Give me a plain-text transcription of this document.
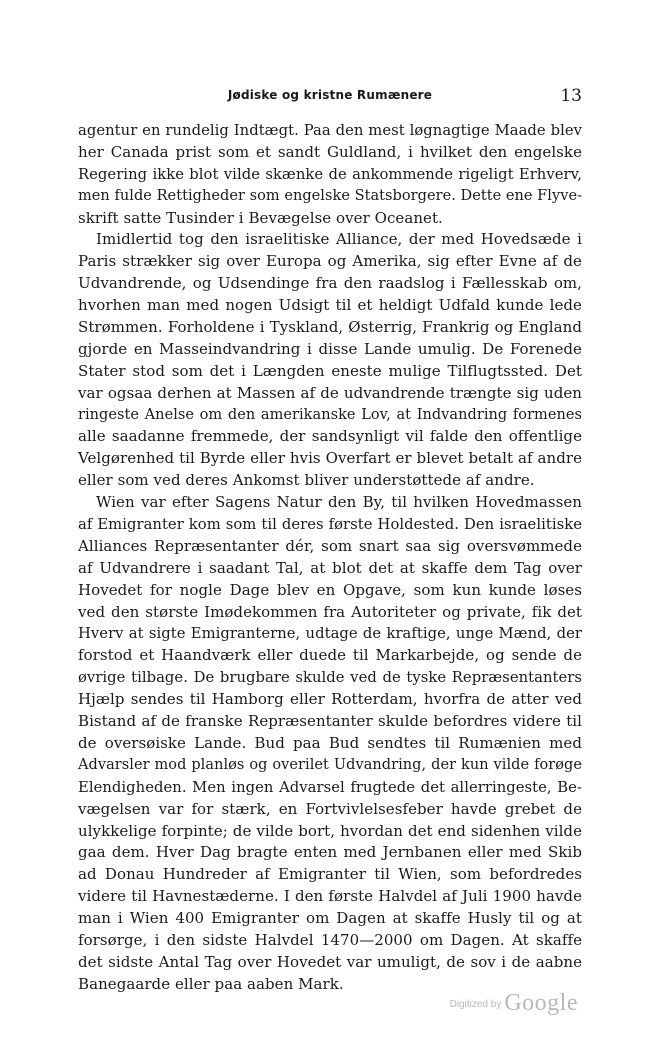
Jødiske og kristne Rumænere	13
agentur en rundelig Indtægt. Paa den mest løgnagtige Maade blev
her Canada prist som et sandt Guldland, i hvilket den engelske
Regering ikke blot vilde skænke de ankommende rigeligt Erhverv,
men fulde Rettigheder som engelske Statsborgere. Dette ene Flyve-
skrift satte Tusinder i Bevægelse over Oceanet.
Imidlertid tog den israelitiske Alliance, der med Hovedsæde i
Paris strækker sig over Europa og Amerika, sig efter Evne af de
Udvandrende, og Udsendinge fra den raadslog i Fællesskab om,
hvorhen man med nogen Udsigt til et heldigt Udfald kunde lede
Strømmen. Forholdene i Tyskland, Østerrig, Frankrig og England
gjorde en Masseindvandring i disse Lande umulig. De Forenede
Stater stod som det i Længden eneste mulige Tilflugtssted. Det
var ogsaa derhen at Massen af de udvandrende trængte sig uden
ringeste Anelse om den amerikanske Lov, at Indvandring formenes
alle saadanne fremmede, der sandsynligt vil falde den offentlige
Velgørenhed til Byrde eller hvis Overfart er blevet betalt af andre
eller som ved deres Ankomst bliver understøttede af andre.
Wien var efter Sagens Natur den By, til hvilken Hovedmassen
af Emigranter kom som til deres første Holdested. Den israelitiske
Alliances Repræsentanter dér, som snart saa sig oversvømmede
af Udvandrere i saadant Tal, at blot det at skaffe dem Tag over
Hovedet for nogle Dage blev en Opgave, som kun kunde løses
ved den største Imødekommen fra Autoriteter og private, fik det
Hverv at sigte Emigranterne, udtage de kraftige, unge Mænd, der
forstod et Haandværk eller duede til Markarbejde, og sende de
øvrige tilbage. De brugbare skulde ved de tyske Repræsentanters
Hjælp sendes til Hamborg eller Rotterdam, hvorfra de atter ved
Bistand af de franske Repræsentanter skulde befordres videre til
de oversøiske Lande. Bud paa Bud sendtes til Rumænien med
Advarsler mod planløs og overilet Udvandring, der kun vilde forøge
Elendigheden. Men ingen Advarsel frugtede det allerringeste, Be-
vægelsen var for stærk, en Fortvivlelsesfeber havde grebet de
ulykkelige forpinte; de vilde bort, hvordan det end sidenhen vilde
gaa dem. Hver Dag bragte enten med Jernbanen eller med Skib
ad Donau Hundreder af Emigranter til Wien, som befordredes
videre til Havnestæderne. I den første Halvdel af Juli 1900 havde
man i Wien 400 Emigranter om Dagen at skaffe Husly til og at
forsørge, i den sidste Halvdel 1470—2000 om Dagen. At skaffe
det sidste Antal Tag over Hovedet var umuligt, de sov i de aabne
Banegaarde eller paa aaben Mark.
Digitized by Google
